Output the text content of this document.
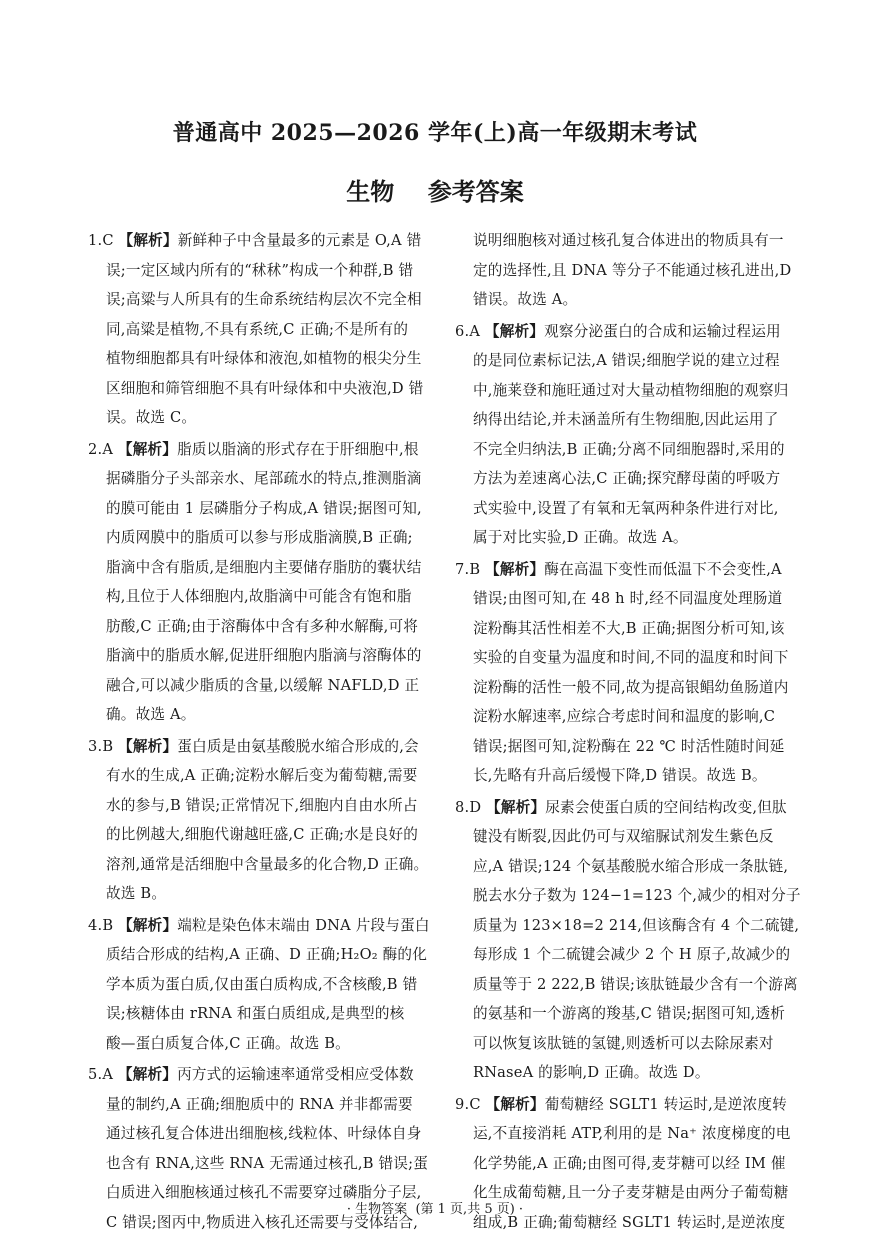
普通高中 2025—2026 学年(上)高一年级期末考试
生物    参考答案
1.C 【解析】新鲜种子中含量最多的元素是 O,A 错
误;一定区域内所有的“秫秫”构成一个种群,B 错
误;高粱与人所具有的生命系统结构层次不完全相
同,高粱是植物,不具有系统,C 正确;不是所有的
植物细胞都具有叶绿体和液泡,如植物的根尖分生
区细胞和筛管细胞不具有叶绿体和中央液泡,D 错
误。故选 C。
2.A 【解析】脂质以脂滴的形式存在于肝细胞中,根
据磷脂分子头部亲水、尾部疏水的特点,推测脂滴
的膜可能由 1 层磷脂分子构成,A 错误;据图可知,
内质网膜中的脂质可以参与形成脂滴膜,B 正确;
脂滴中含有脂质,是细胞内主要储存脂肪的囊状结
构,且位于人体细胞内,故脂滴中可能含有饱和脂
肪酸,C 正确;由于溶酶体中含有多种水解酶,可将
脂滴中的脂质水解,促进肝细胞内脂滴与溶酶体的
融合,可以减少脂质的含量,以缓解 NAFLD,D 正
确。故选 A。
3.B 【解析】蛋白质是由氨基酸脱水缩合形成的,会
有水的生成,A 正确;淀粉水解后变为葡萄糖,需要
水的参与,B 错误;正常情况下,细胞内自由水所占
的比例越大,细胞代谢越旺盛,C 正确;水是良好的
溶剂,通常是活细胞中含量最多的化合物,D 正确。
故选 B。
4.B 【解析】端粒是染色体末端由 DNA 片段与蛋白
质结合形成的结构,A 正确、D 正确;H₂O₂ 酶的化
学本质为蛋白质,仅由蛋白质构成,不含核酸,B 错
误;核糖体由 rRNA 和蛋白质组成,是典型的核
酸—蛋白质复合体,C 正确。故选 B。
5.A 【解析】丙方式的运输速率通常受相应受体数
量的制约,A 正确;细胞质中的 RNA 并非都需要
通过核孔复合体进出细胞核,线粒体、叶绿体自身
也含有 RNA,这些 RNA 无需通过核孔,B 错误;蛋
白质进入细胞核通过核孔不需要穿过磷脂分子层,
C 错误;图丙中,物质进入核孔还需要与受体结合,
说明细胞核对通过核孔复合体进出的物质具有一
定的选择性,且 DNA 等分子不能通过核孔进出,D
错误。故选 A。
6.A 【解析】观察分泌蛋白的合成和运输过程运用
的是同位素标记法,A 错误;细胞学说的建立过程
中,施莱登和施旺通过对大量动植物细胞的观察归
纳得出结论,并未涵盖所有生物细胞,因此运用了
不完全归纳法,B 正确;分离不同细胞器时,采用的
方法为差速离心法,C 正确;探究酵母菌的呼吸方
式实验中,设置了有氧和无氧两种条件进行对比,
属于对比实验,D 正确。故选 A。
7.B 【解析】酶在高温下变性而低温下不会变性,A
错误;由图可知,在 48 h 时,经不同温度处理肠道
淀粉酶其活性相差不大,B 正确;据图分析可知,该
实验的自变量为温度和时间,不同的温度和时间下
淀粉酶的活性一般不同,故为提高银鲳幼鱼肠道内
淀粉水解速率,应综合考虑时间和温度的影响,C
错误;据图可知,淀粉酶在 22 ℃ 时活性随时间延
长,先略有升高后缓慢下降,D 错误。故选 B。
8.D 【解析】尿素会使蛋白质的空间结构改变,但肽
键没有断裂,因此仍可与双缩脲试剂发生紫色反
应,A 错误;124 个氨基酸脱水缩合形成一条肽链,
脱去水分子数为 124−1=123 个,减少的相对分子
质量为 123×18=2 214,但该酶含有 4 个二硫键,
每形成 1 个二硫键会减少 2 个 H 原子,故减少的
质量等于 2 222,B 错误;该肽链最少含有一个游离
的氨基和一个游离的羧基,C 错误;据图可知,透析
可以恢复该肽链的氢键,则透析可以去除尿素对
RNaseA 的影响,D 正确。故选 D。
9.C 【解析】葡萄糖经 SGLT1 转运时,是逆浓度转
运,不直接消耗 ATP,利用的是 Na⁺ 浓度梯度的电
化学势能,A 正确;由图可得,麦芽糖可以经 IM 催
化生成葡萄糖,且一分子麦芽糖是由两分子葡萄糖
组成,B 正确;葡萄糖经 SGLT1 转运时,是逆浓度
· 生物答案  (第 1 页,共 5 页) ·
